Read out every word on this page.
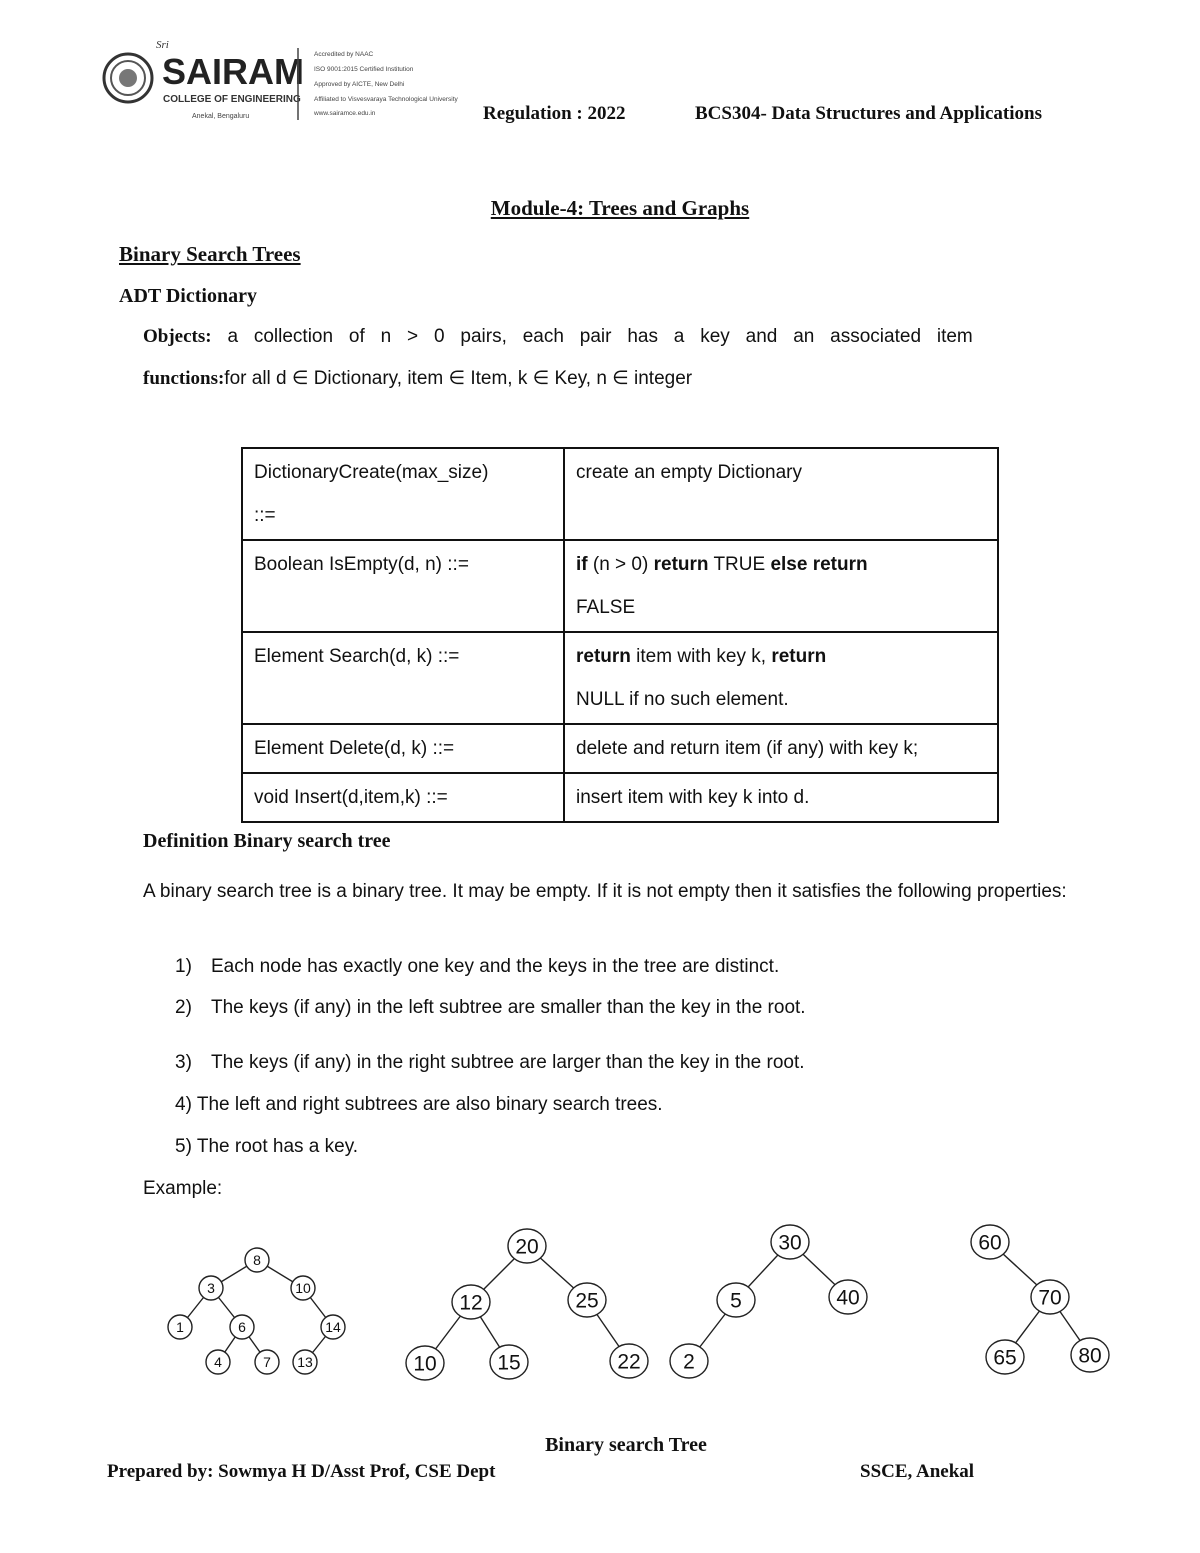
Sri
SAIRAM
COLLEGE OF ENGINEERING
Anekal, Bengaluru
Accredited by NAAC
ISO 9001:2015 Certified Institution
Approved by AICTE, New Delhi
Affiliated to Visvesvaraya Technological University
www.sairamce.edu.in	Regulation : 2022	BCS304- Data Structures and Applications
Module-4: Trees and Graphs
Binary Search Trees
ADT Dictionary
Objects: a collection of n > 0 pairs, each pair has a key and an associated item
functions:for all d ∈ Dictionary, item ∈ Item, k ∈ Key, n ∈ integer
DictionaryCreate(max_size)
::=	create an empty Dictionary
Boolean IsEmpty(d, n) ::=	if (n > 0) return TRUE else return
FALSE
Element Search(d, k) ::=	return item with key k, return
NULL if no such element.
Element Delete(d, k) ::=	delete and return item (if any) with key k;
void Insert(d,item,k) ::=	insert item with key k into d.
Definition Binary search tree
A binary search tree is a binary tree. It may be empty. If it is not empty then it satisfies the following properties:
1) Each node has exactly one key and the keys in the tree are distinct.
2) The keys (if any) in the left subtree are smaller than the key in the root.
3) The keys (if any) in the right subtree are larger than the key in the root.
4) The left and right subtrees are also binary search trees.
5) The root has a key.
Example:
8
3	10
1	6	14
4	7 13
20
12	25
10	15	22
30
5	40
2
60
70
65	80
Binary search Tree
Prepared by: Sowmya H D/Asst Prof, CSE Dept	SSCE, Anekal
